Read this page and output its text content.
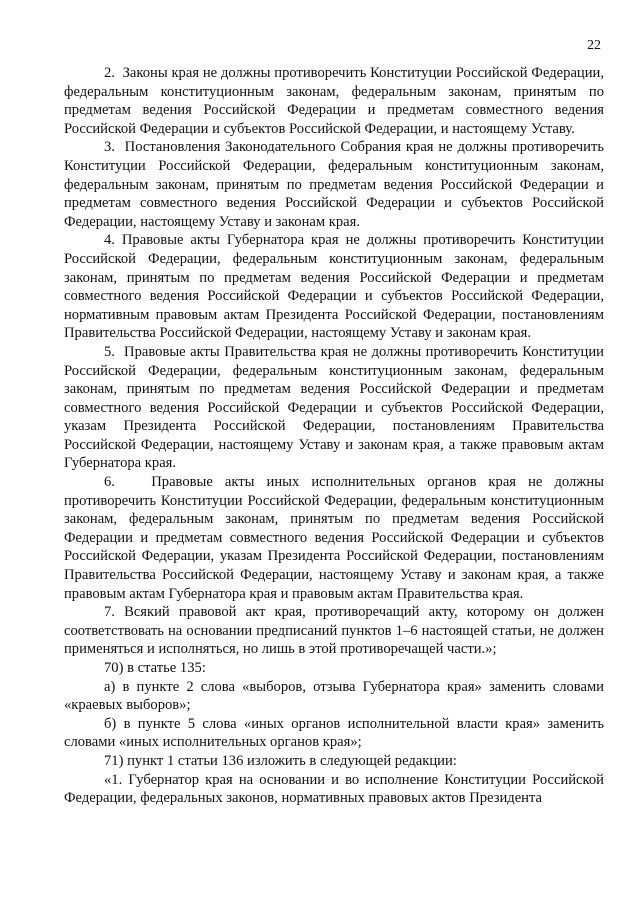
22

2.  Законы края не должны противоречить Конституции Российской Федерации, федеральным конституционным законам, федеральным законам, принятым по предметам ведения Российской Федерации и предметам совместного ведения Российской Федерации и субъектов Российской Федерации, и настоящему Уставу.

3.  Постановления Законодательного Собрания края не должны противоречить Конституции Российской Федерации, федеральным конституционным законам, федеральным законам, принятым по предметам ведения Российской Федерации и предметам совместного ведения Российской Федерации и субъектов Российской Федерации, настоящему Уставу и законам края.

4. Правовые акты Губернатора края не должны противоречить Конституции Российской Федерации, федеральным конституционным законам, федеральным законам, принятым по предметам ведения Российской Федерации и предметам совместного ведения Российской Федерации и субъектов Российской Федерации, нормативным правовым актам Президента Российской Федерации, постановлениям Правительства Российской Федерации, настоящему Уставу и законам края.

5.  Правовые акты Правительства края не должны противоречить Конституции Российской Федерации, федеральным конституционным законам, федеральным законам, принятым по предметам ведения Российской Федерации и предметам совместного ведения Российской Федерации и субъектов Российской Федерации, указам Президента Российской Федерации, постановлениям Правительства Российской Федерации, настоящему Уставу и законам края, а также правовым актам Губернатора края.

6.   Правовые акты иных исполнительных органов края не должны противоречить Конституции Российской Федерации, федеральным конституционным законам, федеральным законам, принятым по предметам ведения Российской Федерации и предметам совместного ведения Российской Федерации и субъектов Российской Федерации, указам Президента Российской Федерации, постановлениям Правительства Российской Федерации, настоящему Уставу и законам края, а также правовым актам Губернатора края и правовым актам Правительства края.

7. Всякий правовой акт края, противоречащий акту, которому он должен соответствовать на основании предписаний пунктов 1–6 настоящей статьи, не должен применяться и исполняться, но лишь в этой противоречащей части.»;

70) в статье 135:

а) в пункте 2 слова «выборов, отзыва Губернатора края» заменить словами «краевых выборов»;

б) в пункте 5 слова «иных органов исполнительной власти края» заменить словами «иных исполнительных органов края»;

71) пункт 1 статьи 136 изложить в следующей редакции:

«1. Губернатор края на основании и во исполнение Конституции Российской Федерации, федеральных законов, нормативных правовых актов Президента
